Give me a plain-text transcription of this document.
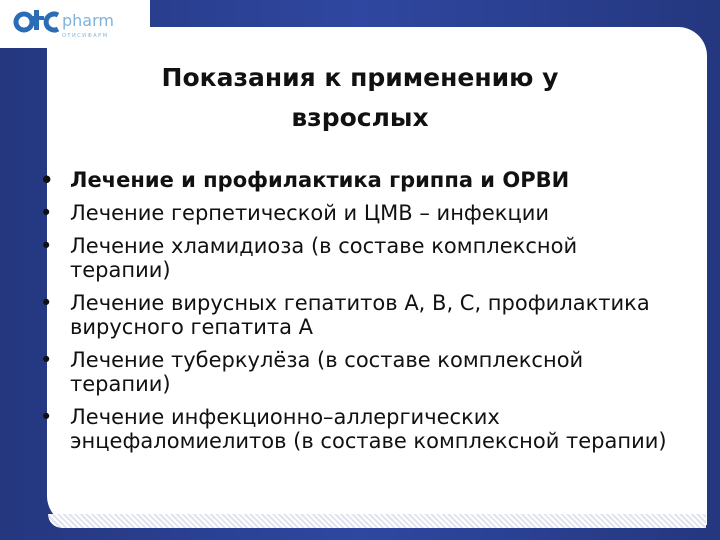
pharm
ОТИСИФАРМ
Показания к применению у
взрослых
• Лечение и профилактика гриппа и ОРВИ
• Лечение герпетической и ЦМВ – инфекции
• Лечение хламидиоза (в составе комплексной терапии)
• Лечение вирусных гепатитов А, В, С, профилактика вирусного гепатита А
• Лечение туберкулёза (в составе комплексной терапии)
• Лечение инфекционно–аллергических энцефаломиелитов (в составе комплексной терапии)
